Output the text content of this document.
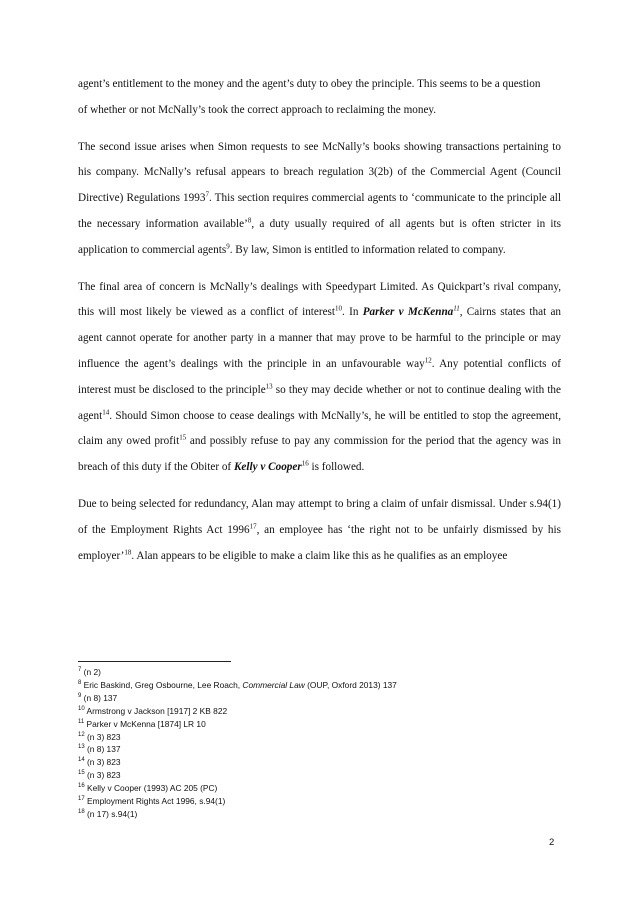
agent’s entitlement to the money and the agent’s duty to obey the principle. This seems to be a question
of whether or not McNally’s took the correct approach to reclaiming the money.

The second issue arises when Simon requests to see McNally’s books showing transactions pertaining to his company. McNally’s refusal appears to breach regulation 3(2b) of the Commercial Agent (Council Directive) Regulations 1993$^7$. This section requires commercial agents to ‘communicate to the principle all the necessary information available’$^8$, a duty usually required of all agents but is often stricter in its application to commercial agents$^9$. By law, Simon is entitled to information related to company.

The final area of concern is McNally’s dealings with Speedypart Limited. As Quickpart’s rival company, this will most likely be viewed as a conflict of interest$^{10}$. In Parker v McKenna$^{11}$, Cairns states that an agent cannot operate for another party in a manner that may prove to be harmful to the principle or may influence the agent’s dealings with the principle in an unfavourable way$^{12}$. Any potential conflicts of interest must be disclosed to the principle$^{13}$ so they may decide whether or not to continue dealing with the agent$^{14}$. Should Simon choose to cease dealings with McNally’s, he will be entitled to stop the agreement, claim any owed profit$^{15}$ and possibly refuse to pay any commission for the period that the agency was in breach of this duty if the Obiter of Kelly v Cooper$^{16}$ is followed.

Due to being selected for redundancy, Alan may attempt to bring a claim of unfair dismissal. Under s.94(1) of the Employment Rights Act 1996$^{17}$, an employee has ‘the right not to be unfairly dismissed by his employer’$^{18}$. Alan appears to be eligible to make a claim like this as he qualifies as an employee

$^7$ (n 2)
$^8$ Eric Baskind, Greg Osbourne, Lee Roach, Commercial Law (OUP, Oxford 2013) 137
$^9$ (n 8) 137
$^{10}$ Armstrong v Jackson [1917] 2 KB 822
$^{11}$ Parker v McKenna [1874] LR 10
$^{12}$ (n 3) 823
$^{13}$ (n 8) 137
$^{14}$ (n 3) 823
$^{15}$ (n 3) 823
$^{16}$ Kelly v Cooper (1993) AC 205 (PC)
$^{17}$ Employment Rights Act 1996, s.94(1)
$^{18}$ (n 17) s.94(1)
2
